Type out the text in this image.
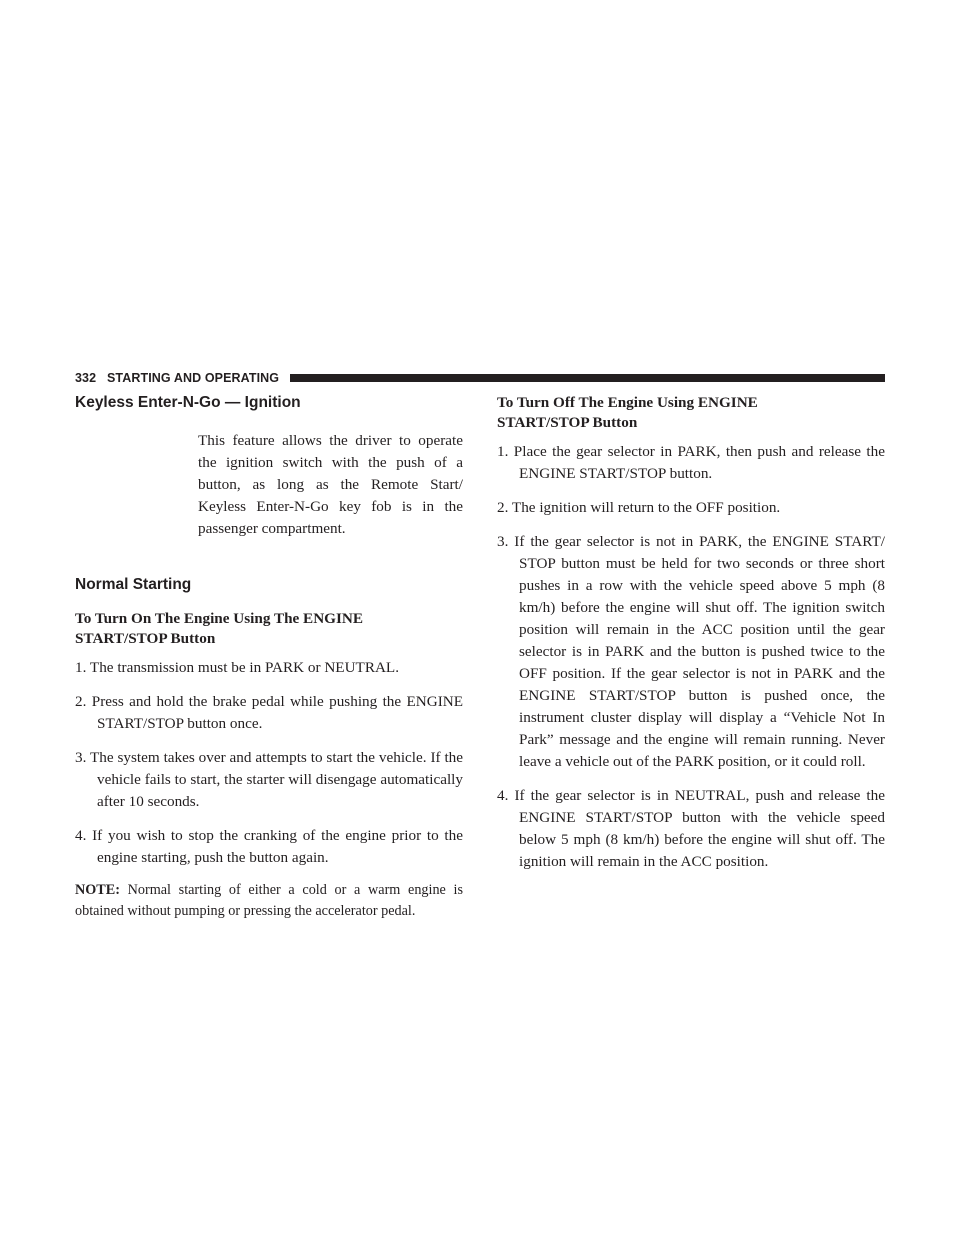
332 STARTING AND OPERATING
Keyless Enter-N-Go — Ignition

This feature allows the driver to operate the ignition switch with the push of a button, as long as the Remote Start/ Keyless Enter-N-Go key fob is in the passenger compartment.

Normal Starting
To Turn On The Engine Using The ENGINE START/STOP Button
1. The transmission must be in PARK or NEUTRAL.
2. Press and hold the brake pedal while pushing the ENGINE START/STOP button once.
3. The system takes over and attempts to start the vehicle. If the vehicle fails to start, the starter will disengage automatically after 10 seconds.
4. If you wish to stop the cranking of the engine prior to the engine starting, push the button again.

NOTE: Normal starting of either a cold or a warm engine is obtained without pumping or pressing the accelerator pedal.

To Turn Off The Engine Using ENGINE START/STOP Button
1. Place the gear selector in PARK, then push and release the ENGINE START/STOP button.
2. The ignition will return to the OFF position.
3. If the gear selector is not in PARK, the ENGINE START/ STOP button must be held for two seconds or three short pushes in a row with the vehicle speed above 5 mph (8 km/h) before the engine will shut off. The ignition switch position will remain in the ACC position until the gear selector is in PARK and the button is pushed twice to the OFF position. If the gear selector is not in PARK and the ENGINE START/STOP button is pushed once, the instrument cluster display will display a “Vehicle Not In Park” message and the engine will remain running. Never leave a vehicle out of the PARK position, or it could roll.
4. If the gear selector is in NEUTRAL, push and release the ENGINE START/STOP button with the vehicle speed below 5 mph (8 km/h) before the engine will shut off. The ignition will remain in the ACC position.
